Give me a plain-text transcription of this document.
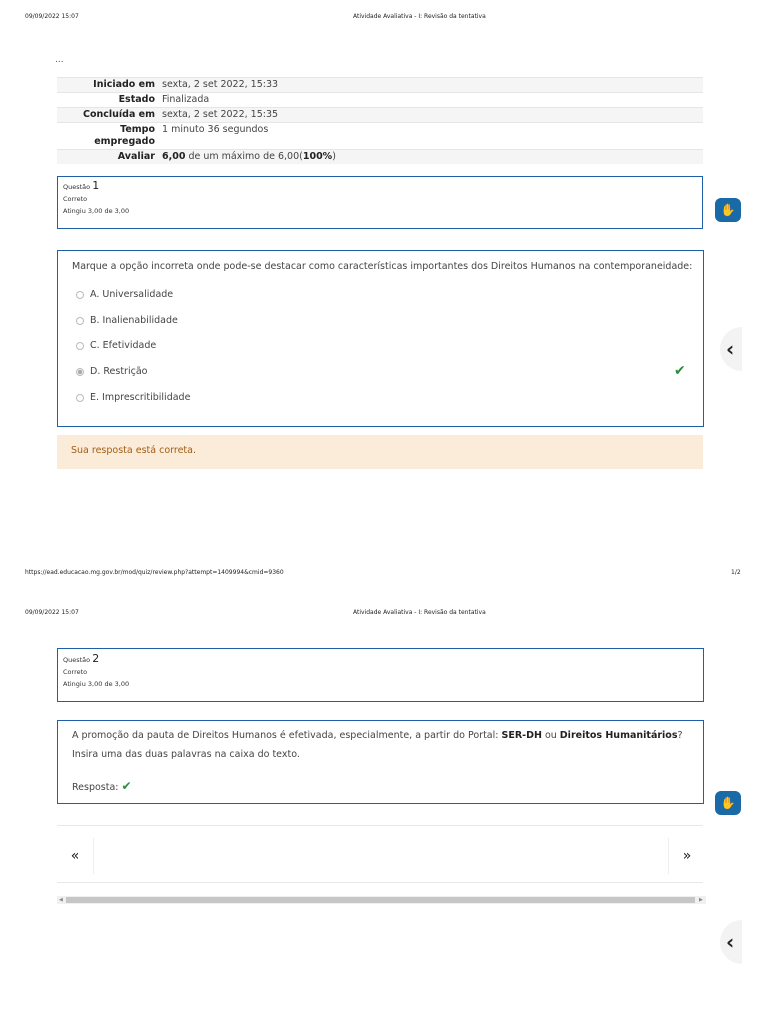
09/09/2022 15:07	Atividade Avaliativa - I: Revisão da tentativa
...
Iniciado em sexta, 2 set 2022, 15:33
Estado Finalizada
Concluída em sexta, 2 set 2022, 15:35
Tempo empregado
1 minuto 36 segundos
Avaliar 6,00 de um máximo de 6,00(100%)
Questão 1
Correto
Atingiu 3,00 de 3,00
Marque a opção incorreta onde pode-se destacar como características importantes dos Direitos Humanos na contemporaneidade:
A. Universalidade
B. Inalienabilidade
C. Efetividade
D. Restrição
E. Imprescritibilidade
✔
Sua resposta está correta.
✋
‹
https://ead.educacao.mg.gov.br/mod/quiz/review.php?attempt=1409994&cmid=9360	1/2
09/09/2022 15:07	Atividade Avaliativa - I: Revisão da tentativa
Questão 2
Correto
Atingiu 3,00 de 3,00
A promoção da pauta de Direitos Humanos é efetivada, especialmente, a partir do Portal: SER-DH ou Direitos Humanitários?
Insira uma das duas palavras na caixa do texto.
Resposta: ✔
✋
«	»
◀	▶
‹
